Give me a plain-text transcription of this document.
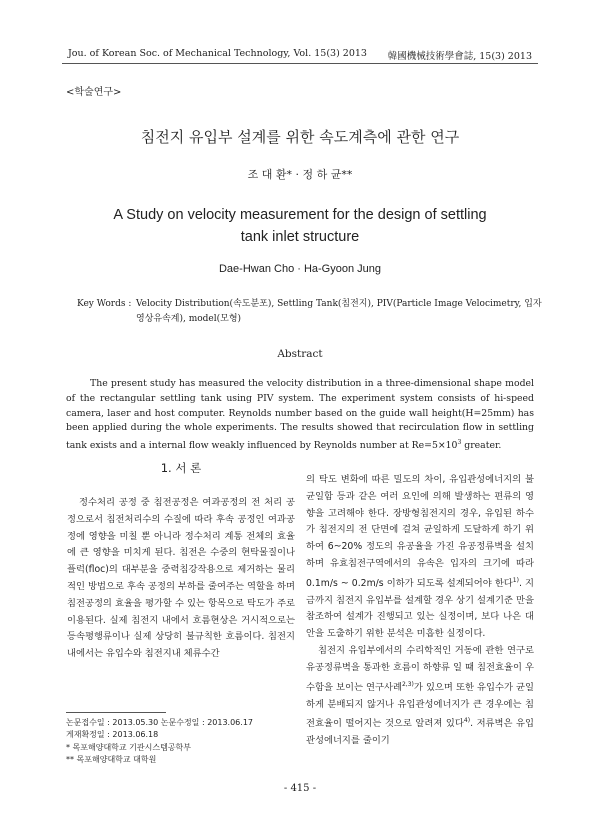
Jou. of Korean Soc. of Mechanical Technology, Vol. 15(3) 2013 韓國機械技術學會誌, 15(3) 2013
<학술연구>
침전지 유입부 설계를 위한 속도계측에 관한 연구
조 대 환* · 정 하 균**
A Study on velocity measurement for the design of settling tank inlet structure
Dae-Hwan Cho · Ha-Gyoon Jung
Key Words : Velocity Distribution(속도분포), Settling Tank(침전지), PIV(Particle Image Velocimetry, 입자영상유속계), model(모형)
Abstract
The present study has measured the velocity distribution in a three-dimensional shape model of the rectangular settling tank using PIV system. The experiment system consists of hi-speed camera, laser and host computer. Reynolds number based on the guide wall height(H=25mm) has been applied during the whole experiments. The results showed that recirculation flow in settling tank exists and a internal flow weakly influenced by Reynolds number at $Re=5\times 10^3$ greater.
1. 서 론

정수처리 공정 중 침전공정은 여과공정의 전 처리 공정으로서 침전처리수의 수질에 따라 후속 공정인 여과공정에 영향을 미칠 뿐 아니라 정수처리 계통 전체의 효율에 큰 영향을 미치게 된다. 침전은 수중의 현탁물질이나 플럭(floc)의 대부분을 중력침강작용으로 제거하는 물리적인 방법으로 후속 공정의 부하를 줄여주는 역할을 하며 침전공정의 효율을 평가할 수 있는 항목으로 탁도가 주로 이용된다. 실제 침전지 내에서 흐름현상은 거시적으로는 등속평행류이나 실제 상당히 불규칙한 흐름이다. 침전지 내에서는 유입수와 침전지내 체류수간

의 탁도 변화에 따른 밀도의 차이, 유입관성에너지의 불균일함 등과 같은 여러 요인에 의해 발생하는 편류의 영향을 고려해야 한다. 장방형침전지의 경우, 유입된 하수가 침전지의 전 단면에 걸쳐 균일하게 도달하게 하기 위하여 6~20% 정도의 유공율을 가진 유공정류벽을 설치하며 유효침전구역에서의 유속은 입자의 크기에 따라 0.1m/s ~ 0.2m/s 이하가 되도록 설계되어야 한다$^{1)}$. 지금까지 침전지 유입부를 설계할 경우 상기 설계기준 만을 참조하여 설계가 진행되고 있는 실정이며, 보다 나은 대안을 도출하기 위한 분석은 미흡한 실정이다.

침전지 유입부에서의 수리학적인 거동에 관한 연구로 유공정류벽을 통과한 흐름이 하향류 일 때 침전효율이 우수함을 보이는 연구사례$^{2,3)}$가 있으며 또한 유입수가 균일하게 분배되지 않거나 유입관성에너지가 큰 경우에는 침전효율이 떨어지는 것으로 알려져 있다$^{4)}$. 저류벽은 유입관성에너지를 줄이기

논문접수일 : 2013.05.30 논문수정일 : 2013.06.17
게재확정일 : 2013.06.18
* 목포해양대학교 기관시스템공학부
** 목포해양대학교 대학원
- 415 -
